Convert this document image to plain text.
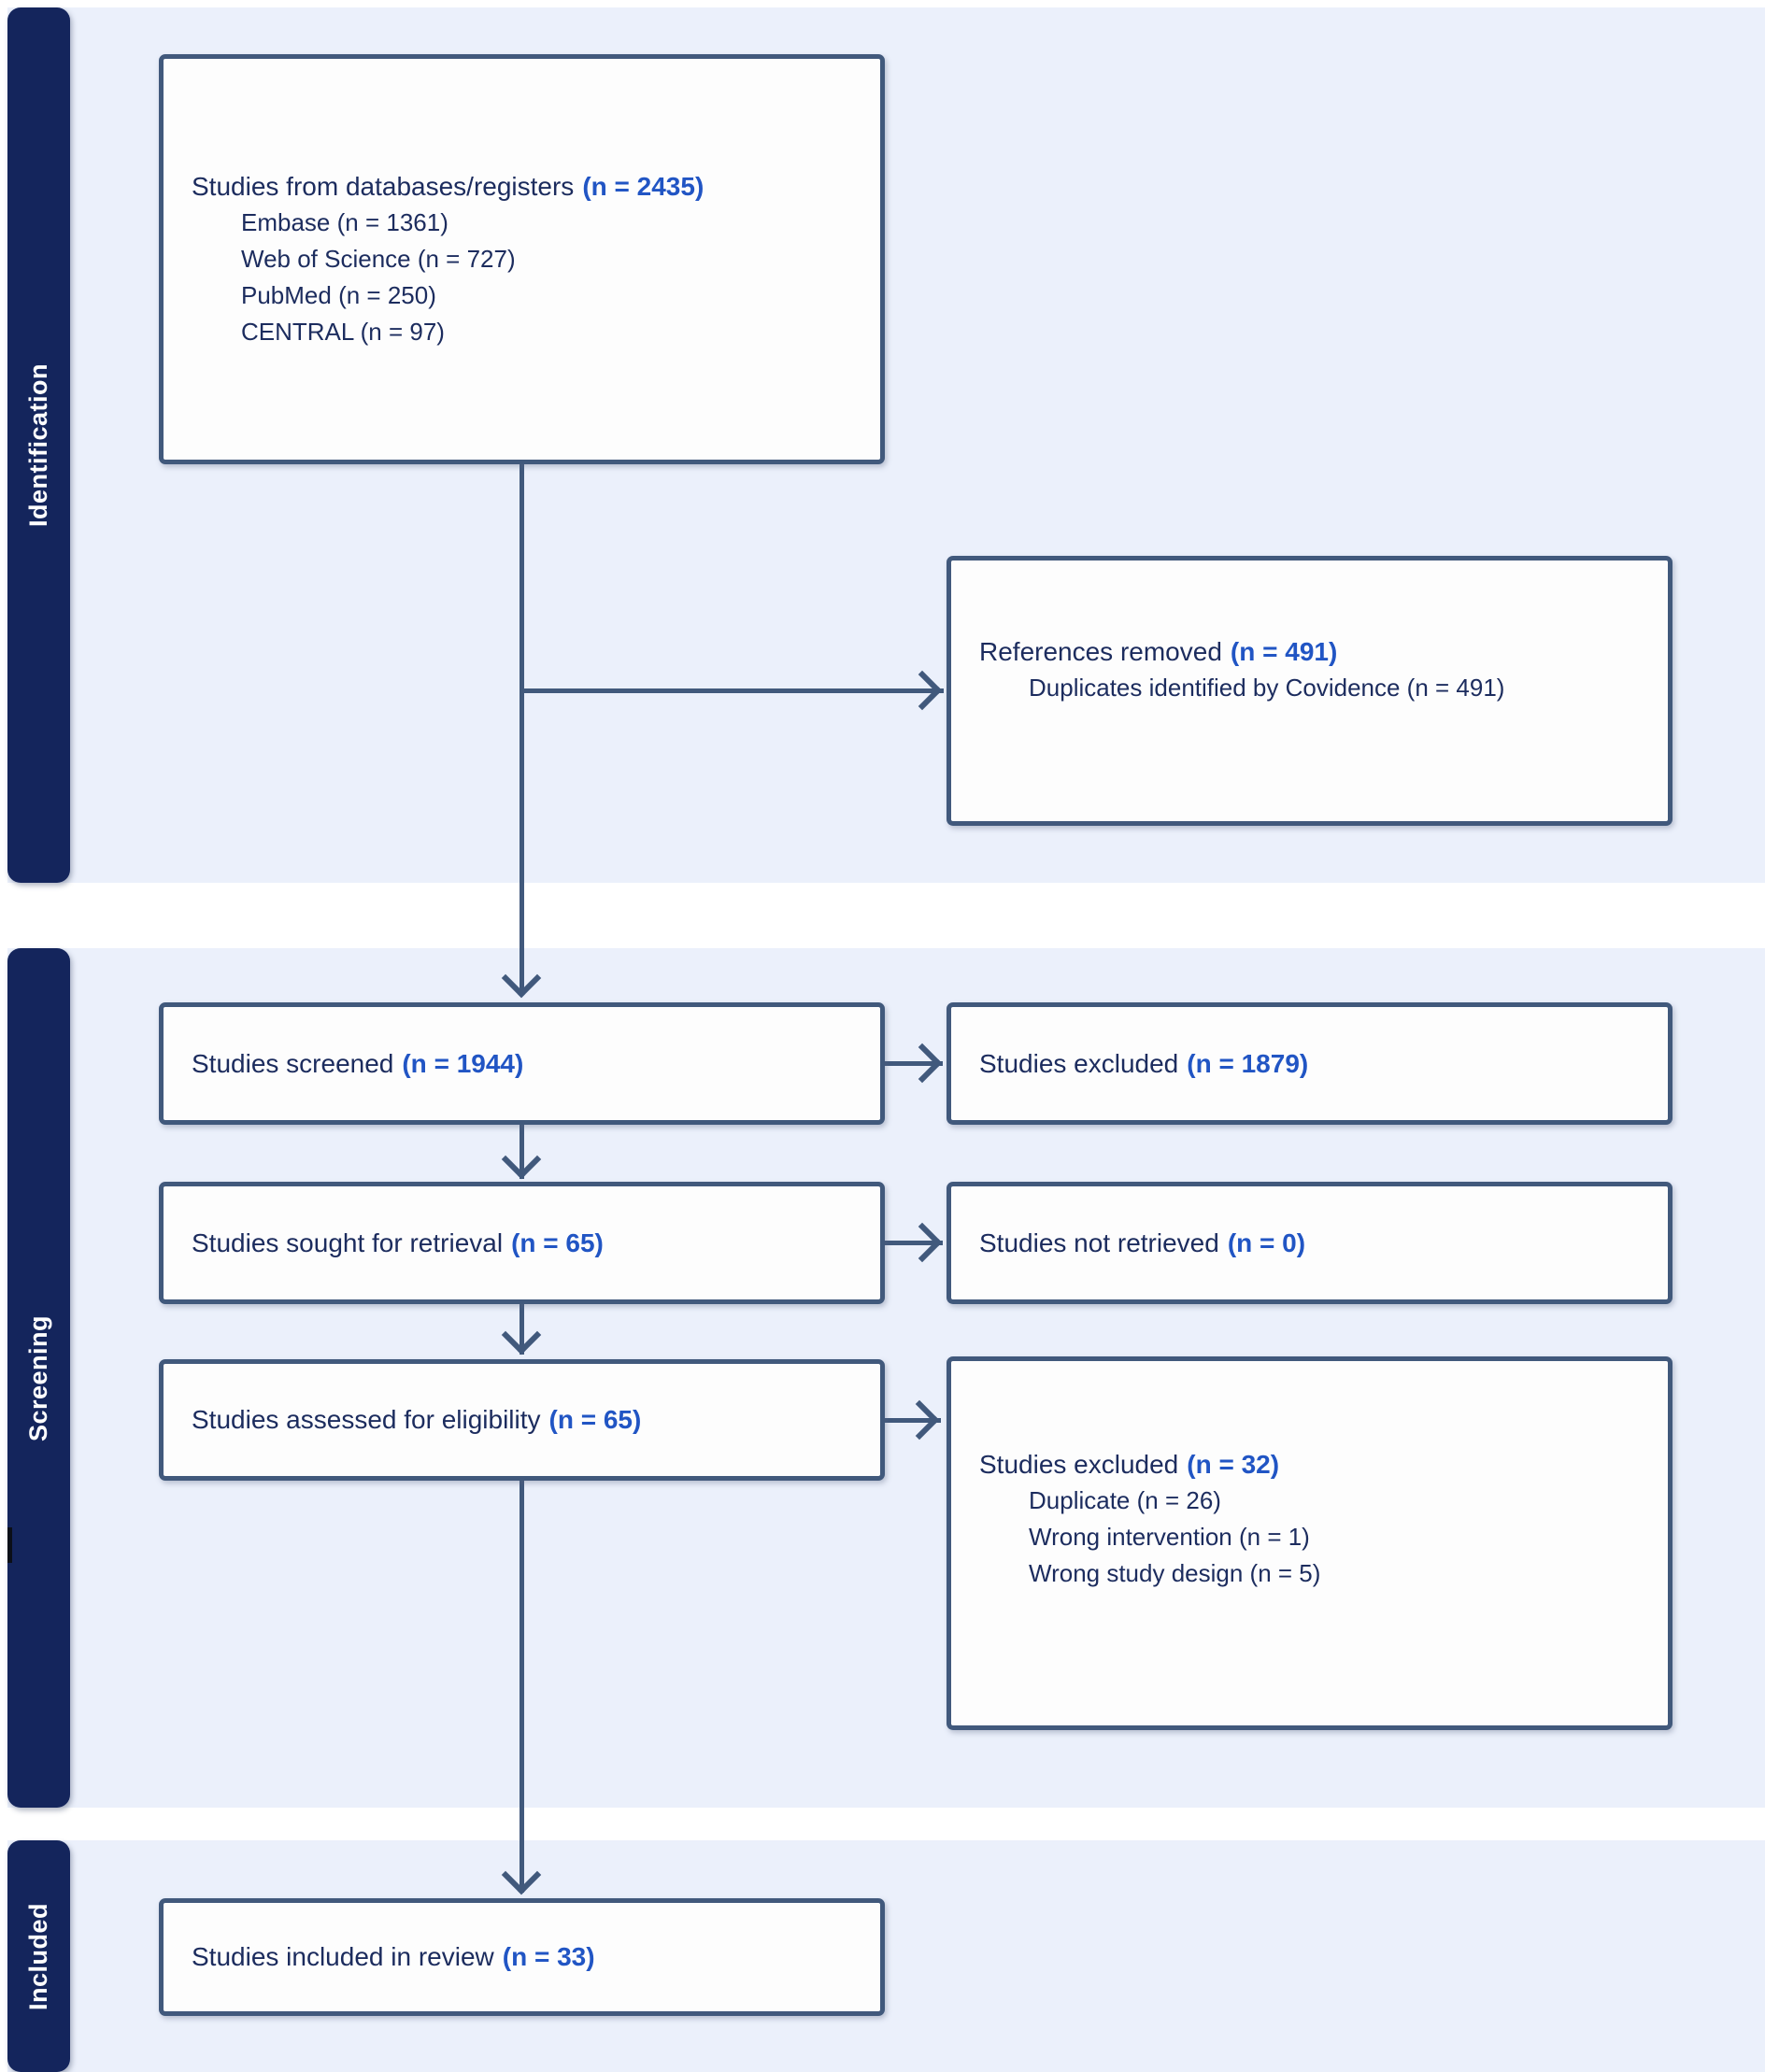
Identification
Screening
Included
Studies from databases/registers (n = 2435)
Embase (n = 1361)
Web of Science (n = 727)
PubMed (n = 250)
CENTRAL (n = 97)
References removed (n = 491)
Duplicates identified by Covidence (n = 491)
Studies screened (n = 1944)	Studies excluded (n = 1879)
Studies sought for retrieval (n = 65)	Studies not retrieved (n = 0)
Studies assessed for eligibility (n = 65)
Studies excluded (n = 32)
Duplicate (n = 26)
Wrong intervention (n = 1)
Wrong study design (n = 5)
Studies included in review (n = 33)
